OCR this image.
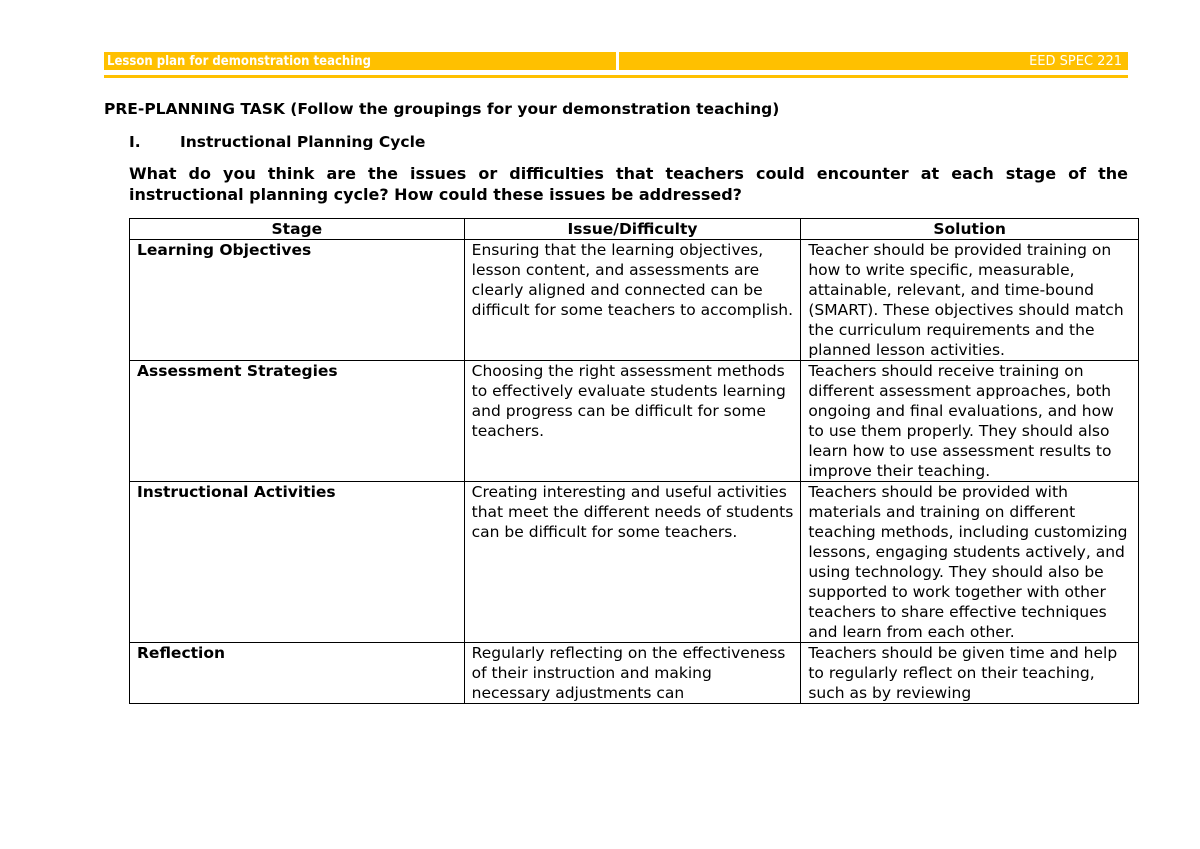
Lesson plan for demonstration teaching	EED SPEC 221
PRE-PLANNING TASK (Follow the groupings for your demonstration teaching)
I.	Instructional Planning Cycle
What do you think are the issues or difficulties that teachers could encounter at each stage of the instructional planning cycle? How could these issues be addressed?
Stage	Issue/Difficulty	Solution
Learning Objectives	Ensuring that the learning objectives, lesson content, and assessments are clearly aligned and connected can be difficult for some teachers to accomplish.	Teacher should be provided training on how to write specific, measurable, attainable, relevant, and time-bound (SMART). These objectives should match the curriculum requirements and the planned lesson activities.
Assessment Strategies	Choosing the right assessment methods to effectively evaluate students learning and progress can be difficult for some teachers.	Teachers should receive training on different assessment approaches, both ongoing and final evaluations, and how to use them properly. They should also learn how to use assessment results to improve their teaching.
Instructional Activities	Creating interesting and useful activities that meet the different needs of students can be difficult for some teachers.	Teachers should be provided with materials and training on different teaching methods, including customizing lessons, engaging students actively, and using technology. They should also be supported to work together with other teachers to share effective techniques and learn from each other.
Reflection	Regularly reflecting on the effectiveness of their instruction and making necessary adjustments can	Teachers should be given time and help to regularly reflect on their teaching, such as by reviewing
